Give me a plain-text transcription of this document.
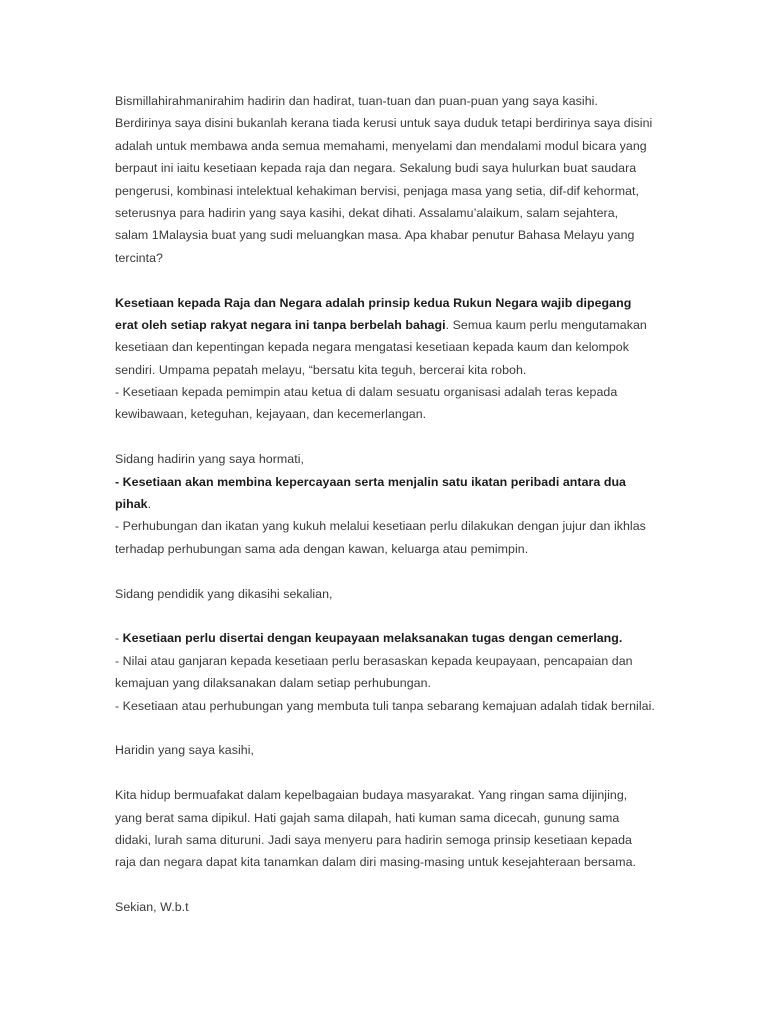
Bismillahirahmanirahim hadirin dan hadirat, tuan-tuan dan puan-puan yang saya kasihi.
Berdirinya saya disini bukanlah kerana tiada kerusi untuk saya duduk tetapi berdirinya saya disini
adalah untuk membawa anda semua memahami, menyelami dan mendalami modul bicara yang
berpaut ini iaitu kesetiaan kepada raja dan negara. Sekalung budi saya hulurkan buat saudara
pengerusi, kombinasi intelektual kehakiman bervisi, penjaga masa yang setia, dif-dif kehormat,
seterusnya para hadirin yang saya kasihi, dekat dihati. Assalamu’alaikum, salam sejahtera,
salam 1Malaysia buat yang sudi meluangkan masa. Apa khabar penutur Bahasa Melayu yang
tercinta?
Kesetiaan kepada Raja dan Negara adalah prinsip kedua Rukun Negara wajib dipegang
erat oleh setiap rakyat negara ini tanpa berbelah bahagi. Semua kaum perlu mengutamakan
kesetiaan dan kepentingan kepada negara mengatasi kesetiaan kepada kaum dan kelompok
sendiri. Umpama pepatah melayu, “bersatu kita teguh, bercerai kita roboh.
- Kesetiaan kepada pemimpin atau ketua di dalam sesuatu organisasi adalah teras kepada
kewibawaan, keteguhan, kejayaan, dan kecemerlangan.
Sidang hadirin yang saya hormati,
- Kesetiaan akan membina kepercayaan serta menjalin satu ikatan peribadi antara dua
pihak.
- Perhubungan dan ikatan yang kukuh melalui kesetiaan perlu dilakukan dengan jujur dan ikhlas
terhadap perhubungan sama ada dengan kawan, keluarga atau pemimpin.
Sidang pendidik yang dikasihi sekalian,
- Kesetiaan perlu disertai dengan keupayaan melaksanakan tugas dengan cemerlang.
- Nilai atau ganjaran kepada kesetiaan perlu berasaskan kepada keupayaan, pencapaian dan
kemajuan yang dilaksanakan dalam setiap perhubungan.
- Kesetiaan atau perhubungan yang membuta tuli tanpa sebarang kemajuan adalah tidak bernilai.
Haridin yang saya kasihi,
Kita hidup bermuafakat dalam kepelbagaian budaya masyarakat. Yang ringan sama dijinjing,
yang berat sama dipikul. Hati gajah sama dilapah, hati kuman sama dicecah, gunung sama
didaki, lurah sama dituruni. Jadi saya menyeru para hadirin semoga prinsip kesetiaan kepada
raja dan negara dapat kita tanamkan dalam diri masing-masing untuk kesejahteraan bersama.
Sekian, W.b.t
